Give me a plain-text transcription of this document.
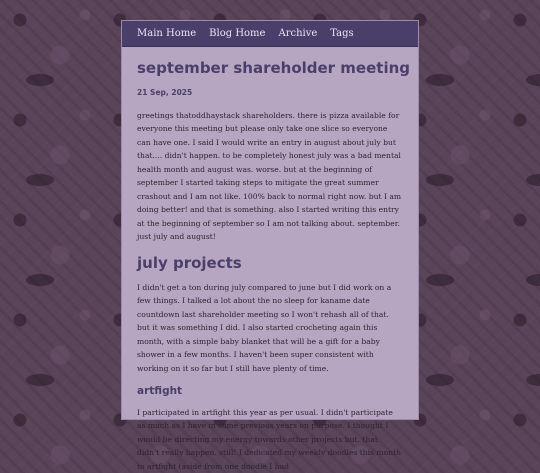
Main Home Blog Home Archive Tags
september shareholder meeting
21 Sep, 2025

greetings thatoddhaystack shareholders. there is pizza available for everyone this meeting but please only take one slice so everyone can have one. I said I would write an entry in august about july but that.... didn't happen. to be completely honest july was a bad mental health month and august was. worse. but at the beginning of september I started taking steps to mitigate the great summer crashout and I am not like. 100% back to normal right now. but I am doing better! and that is something. also I started writing this entry at the beginning of september so I am not talking about. september. just july and august!

july projects

I didn't get a ton during july compared to june but I did work on a few things. I talked a lot about the no sleep for kaname date countdown last shareholder meeting so I won't rehash all of that. but it was something I did. I also started crocheting again this month, with a simple baby blanket that will be a gift for a baby shower in a few months. I haven't been super consistent with working on it so far but I still have plenty of time.

artfight

I participated in artfight this year as per usual. I didn't participate as much as I have in some previous years on purpose. I thought I would be directing my energy towards other projects but. that didn't really happen. still! I dedicated my weekly doodles this month to artfight (aside from one doodle I had
